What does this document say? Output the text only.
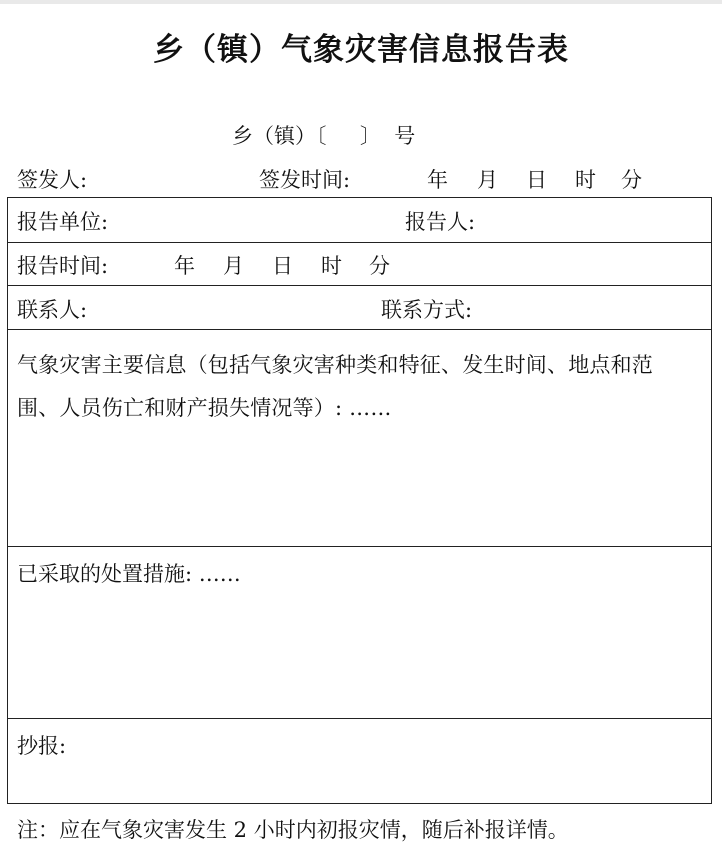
乡（镇）气象灾害信息报告表
乡（镇）〔     〕  号
签发人:	签发时间:	年 月 日 时 分
报告单位:	报告人:
报告时间:	年 月 日 时 分
联系人:	联系方式:
气象灾害主要信息（包括气象灾害种类和特征、发生时间、地点和范围、人员伤亡和财产损失情况等）: ……
已采取的处置措施: ……
抄报:
注：应在气象灾害发生 2 小时内初报灾情，随后补报详情。
